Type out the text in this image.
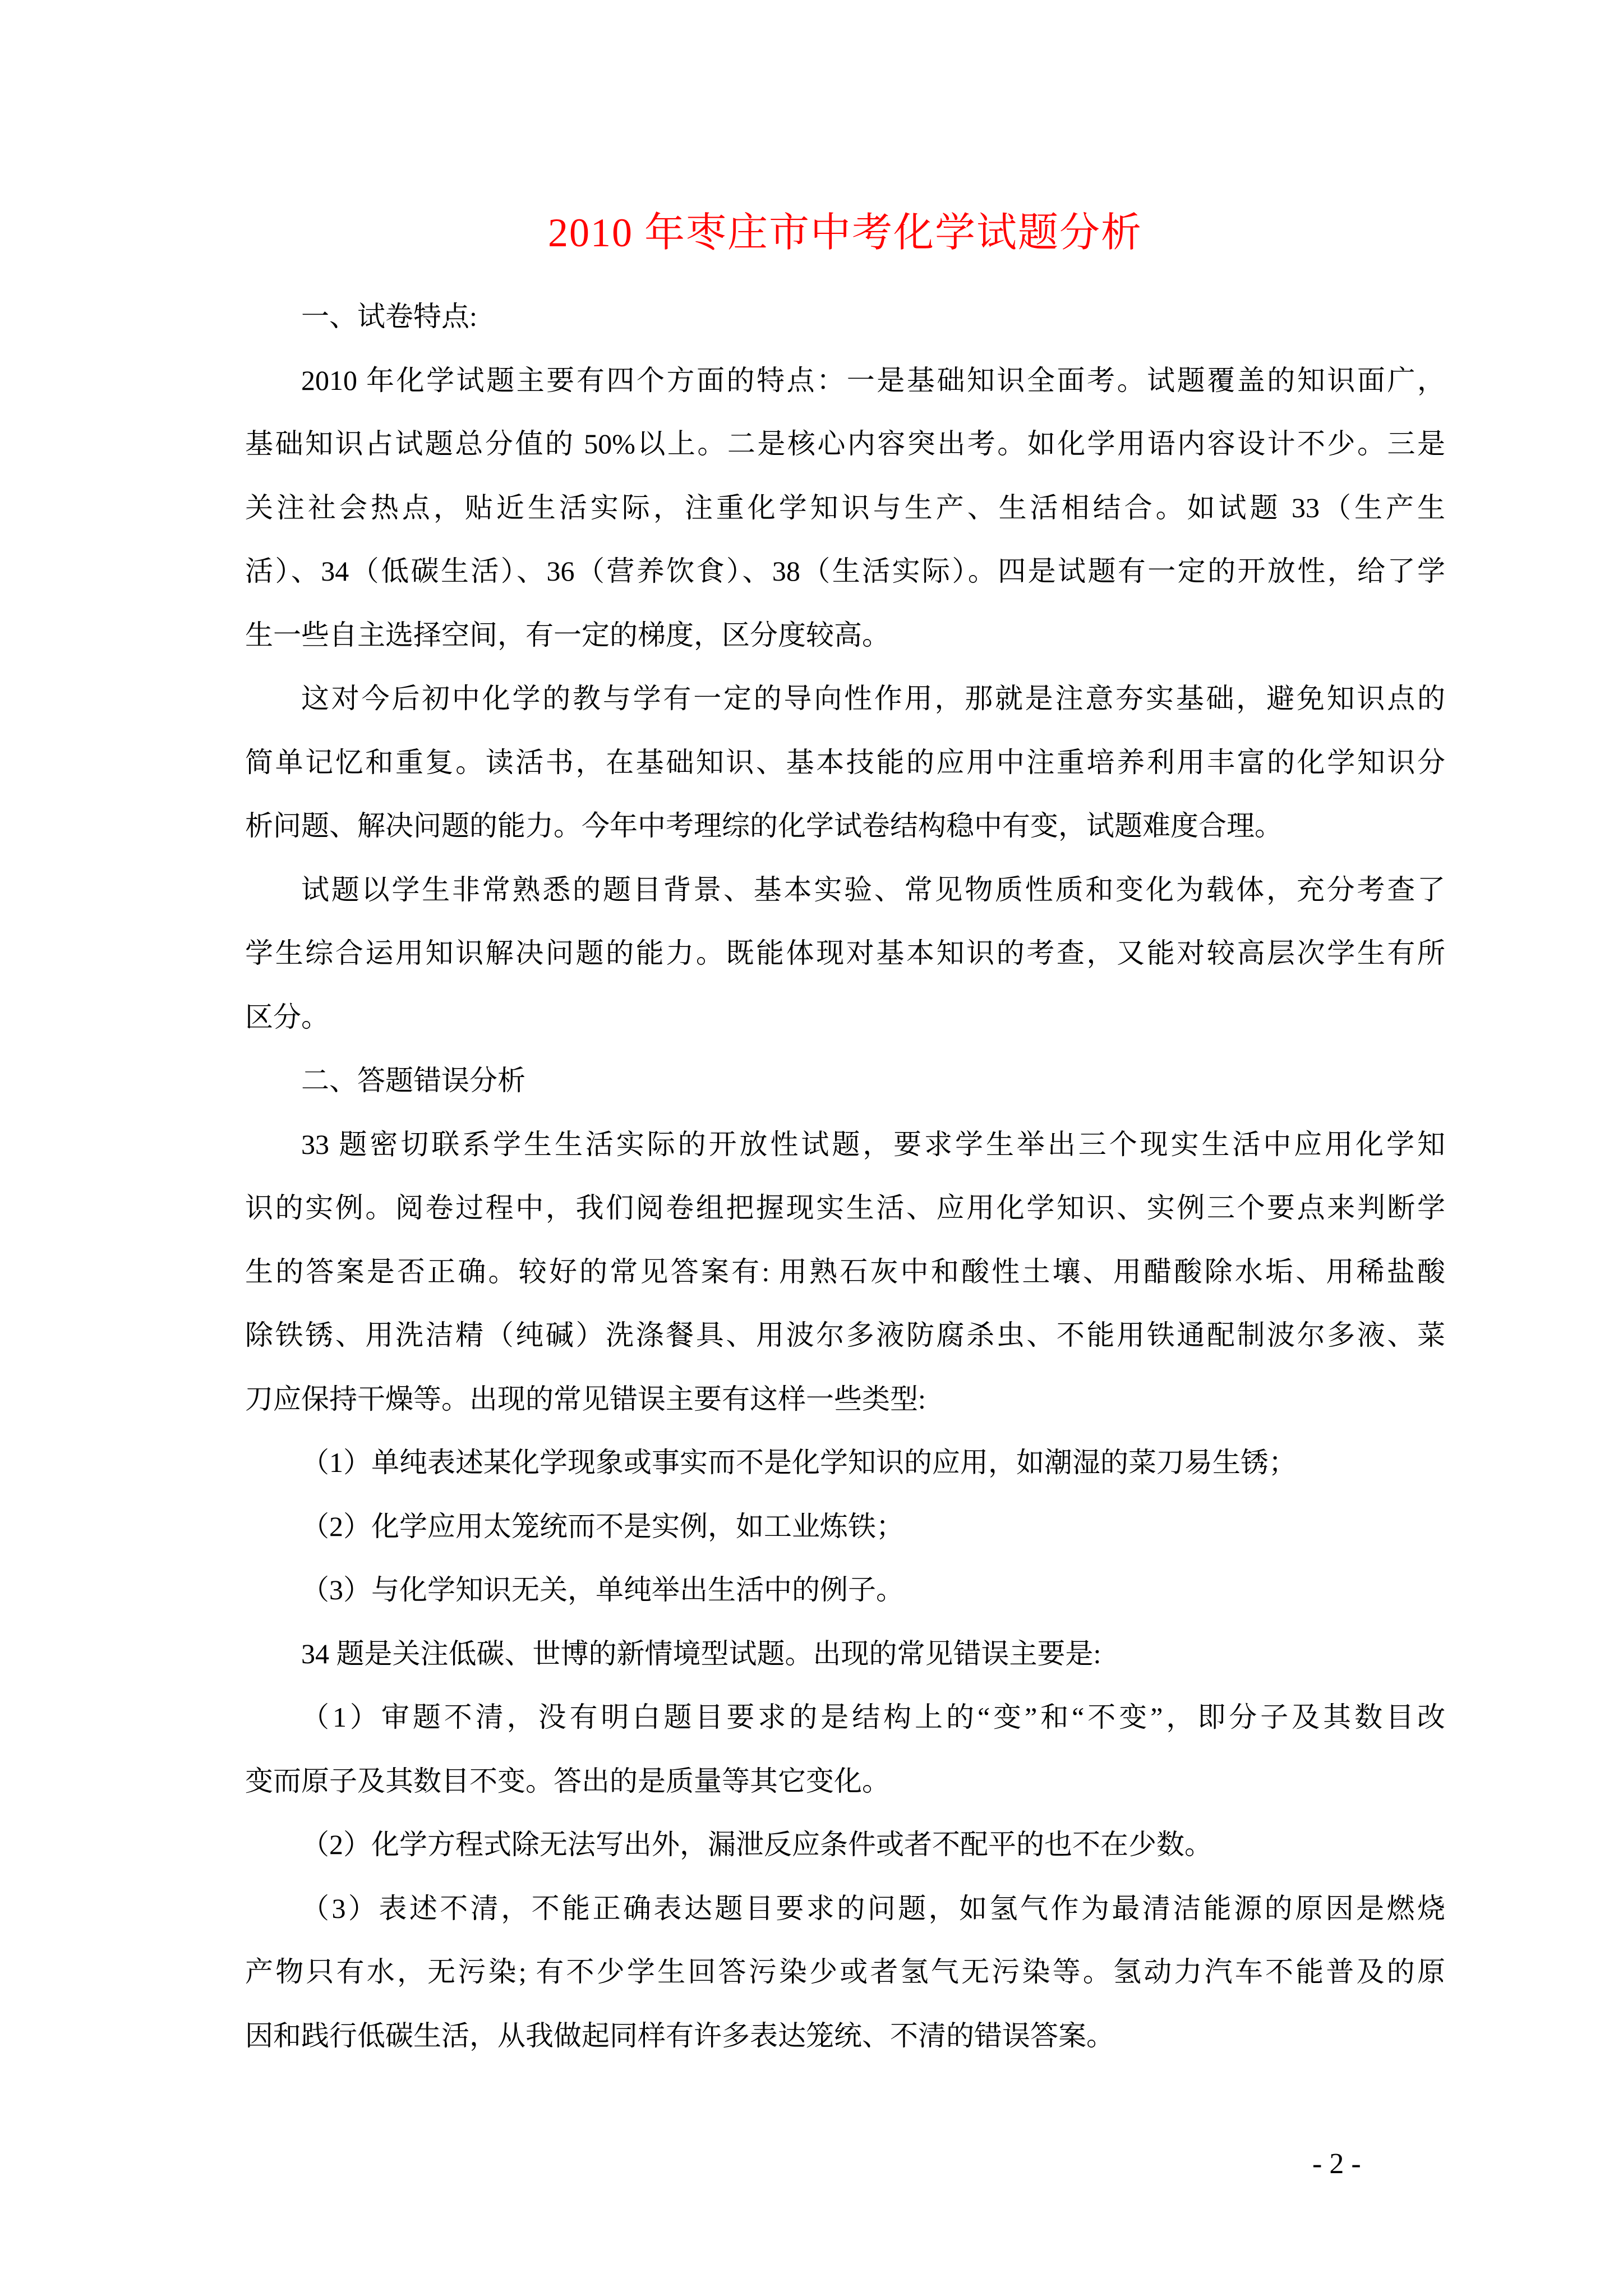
2010 年枣庄市中考化学试题分析
一、试卷特点:
2010 年化学试题主要有四个方面的特点：一是基础知识全面考。试题覆盖的知识面广，
基础知识占试题总分值的 50%以上。二是核心内容突出考。如化学用语内容设计不少。三是
关注社会热点，贴近生活实际，注重化学知识与生产、生活相结合。如试题 33（生产生
活）、34（低碳生活）、36（营养饮食）、38（生活实际）。四是试题有一定的开放性，给了学
生一些自主选择空间，有一定的梯度，区分度较高。
这对今后初中化学的教与学有一定的导向性作用，那就是注意夯实基础，避免知识点的
简单记忆和重复。读活书，在基础知识、基本技能的应用中注重培养利用丰富的化学知识分
析问题、解决问题的能力。今年中考理综的化学试卷结构稳中有变，试题难度合理。
试题以学生非常熟悉的题目背景、基本实验、常见物质性质和变化为载体，充分考查了
学生综合运用知识解决问题的能力。既能体现对基本知识的考查，又能对较高层次学生有所
区分。
二、答题错误分析
33 题密切联系学生生活实际的开放性试题，要求学生举出三个现实生活中应用化学知
识的实例。阅卷过程中，我们阅卷组把握现实生活、应用化学知识、实例三个要点来判断学
生的答案是否正确。较好的常见答案有: 用熟石灰中和酸性土壤、用醋酸除水垢、用稀盐酸
除铁锈、用洗洁精（纯碱）洗涤餐具、用波尔多液防腐杀虫、不能用铁通配制波尔多液、菜
刀应保持干燥等。出现的常见错误主要有这样一些类型:
（1）单纯表述某化学现象或事实而不是化学知识的应用，如潮湿的菜刀易生锈；
（2）化学应用太笼统而不是实例，如工业炼铁；
（3）与化学知识无关，单纯举出生活中的例子。
34 题是关注低碳、世博的新情境型试题。出现的常见错误主要是:
（1）审题不清，没有明白题目要求的是结构上的“变”和“不变”，即分子及其数目改
变而原子及其数目不变。答出的是质量等其它变化。
（2）化学方程式除无法写出外，漏泄反应条件或者不配平的也不在少数。
（3）表述不清，不能正确表达题目要求的问题，如氢气作为最清洁能源的原因是燃烧
产物只有水，无污染; 有不少学生回答污染少或者氢气无污染等。氢动力汽车不能普及的原
因和践行低碳生活，从我做起同样有许多表达笼统、不清的错误答案。
- 2 -
